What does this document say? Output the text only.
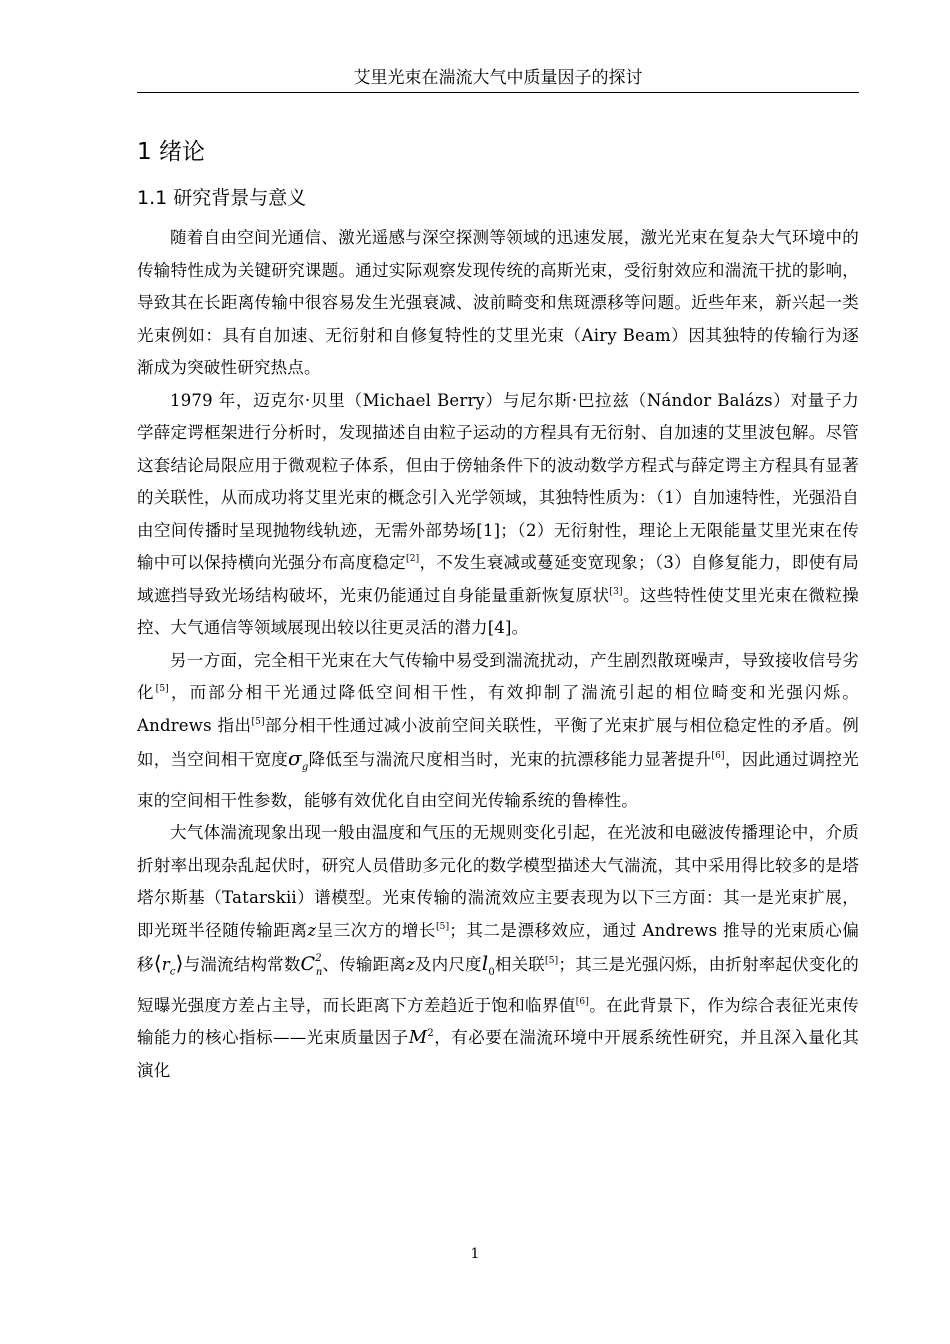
艾里光束在湍流大气中质量因子的探讨
1 绪论
1.1 研究背景与意义

随着自由空间光通信、激光遥感与深空探测等领域的迅速发展，激光光束在复杂大气环境中的传输特性成为关键研究课题。通过实际观察发现传统的高斯光束，受衍射效应和湍流干扰的影响，导致其在长距离传输中很容易发生光强衰减、波前畸变和焦斑漂移等问题。近些年来，新兴起一类光束例如：具有自加速、无衍射和自修复特性的艾里光束（Airy Beam）因其独特的传输行为逐渐成为突破性研究热点。

1979 年，迈克尔·贝里（Michael Berry）与尼尔斯·巴拉兹（Nándor Balázs）对量子力学薛定谔框架进行分析时，发现描述自由粒子运动的方程具有无衍射、自加速的艾里波包解。尽管这套结论局限应用于微观粒子体系，但由于傍轴条件下的波动数学方程式与薛定谔主方程具有显著的关联性，从而成功将艾里光束的概念引入光学领域，其独特性质为：（1）自加速特性，光强沿自由空间传播时呈现抛物线轨迹，无需外部势场[1]；（2）无衍射性，理论上无限能量艾里光束在传输中可以保持横向光强分布高度稳定[2]，不发生衰减或蔓延变宽现象；（3）自修复能力，即使有局域遮挡导致光场结构破坏，光束仍能通过自身能量重新恢复原状[3]。这些特性使艾里光束在微粒操控、大气通信等领域展现出较以往更灵活的潜力[4]。

另一方面，完全相干光束在大气传输中易受到湍流扰动，产生剧烈散斑噪声，导致接收信号劣化[5]，而部分相干光通过降低空间相干性，有效抑制了湍流引起的相位畸变和光强闪烁。Andrews 指出[5]部分相干性通过减小波前空间关联性，平衡了光束扩展与相位稳定性的矛盾。例如，当空间相干宽度$\sigma_g$降低至与湍流尺度相当时，光束的抗漂移能力显著提升[6]，因此通过调控光束的空间相干性参数，能够有效优化自由空间光传输系统的鲁棒性。

大气体湍流现象出现一般由温度和气压的无规则变化引起，在光波和电磁波传播理论中，介质折射率出现杂乱起伏时，研究人员借助多元化的数学模型描述大气湍流，其中采用得比较多的是塔塔尔斯基（Tatarskii）谱模型。光束传输的湍流效应主要表现为以下三方面：其一是光束扩展，即光斑半径随传输距离z呈三次方的增长[5]；其二是漂移效应，通过 Andrews 推导的光束质心偏移$⟨r_c⟩$与湍流结构常数$C^2_n$、传输距离z及内尺度$l_0$相关联[5]；其三是光强闪烁，由折射率起伏变化的短曝光强度方差占主导，而长距离下方差趋近于饱和临界值[6]。在此背景下，作为综合表征光束传输能力的核心指标——光束质量因子$M^2$，有必要在湍流环境中开展系统性研究，并且深入量化其演化

1
